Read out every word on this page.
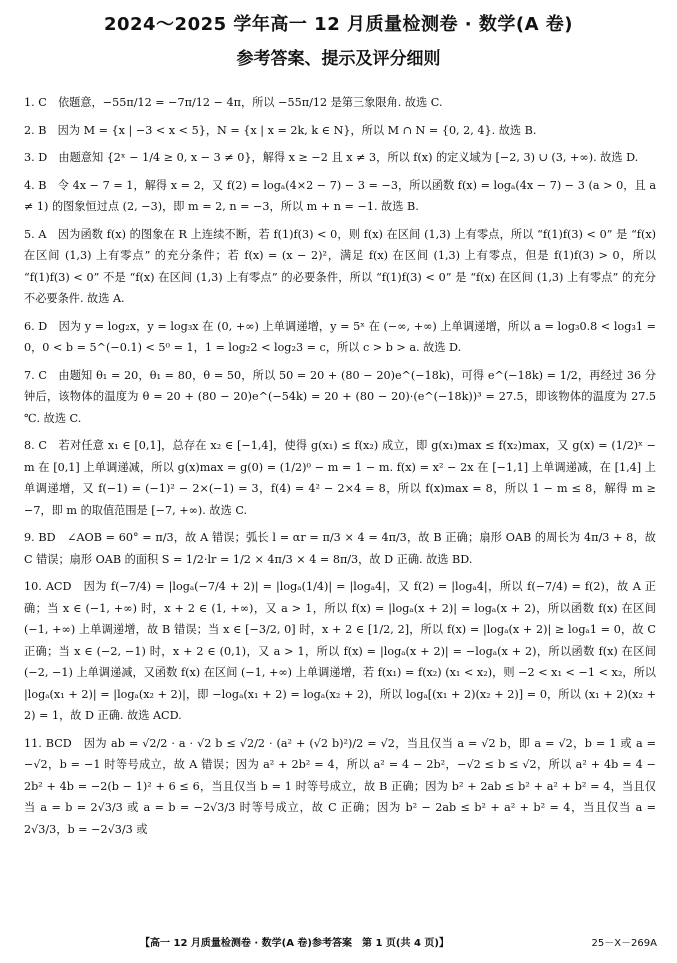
2024～2025 学年高一 12 月质量检测卷 · 数学(A 卷)
参考答案、提示及评分细则
1. C　依题意，−55π/12 = −7π/12 − 4π，所以 −55π/12 是第三象限角. 故选 C.
2. B　因为 M = {x | −3 < x < 5}，N = {x | x = 2k, k ∈ N}，所以 M ∩ N = {0, 2, 4}. 故选 B.
3. D　由题意知 {2ˣ − 1/4 ≥ 0, x − 3 ≠ 0}，解得 x ≥ −2 且 x ≠ 3，所以 f(x) 的定义域为 [−2, 3) ∪ (3, +∞). 故选 D.
4. B　令 4x − 7 = 1，解得 x = 2，又 f(2) = logₐ(4×2 − 7) − 3 = −3，所以函数 f(x) = logₐ(4x − 7) − 3 (a > 0，且 a ≠ 1) 的图象恒过点 (2, −3)，即 m = 2, n = −3，所以 m + n = −1. 故选 B.
5. A　因为函数 f(x) 的图象在 R 上连续不断，若 f(1)f(3) < 0，则 f(x) 在区间 (1,3) 上有零点，所以 “f(1)f(3) < 0” 是 “f(x) 在区间 (1,3) 上有零点” 的充分条件；若 f(x) = (x − 2)²，满足 f(x) 在区间 (1,3) 上有零点，但是 f(1)f(3) > 0，所以 “f(1)f(3) < 0” 不是 “f(x) 在区间 (1,3) 上有零点” 的必要条件，所以 “f(1)f(3) < 0” 是 “f(x) 在区间 (1,3) 上有零点” 的充分不必要条件. 故选 A.
6. D　因为 y = log₂x，y = log₃x 在 (0, +∞) 上单调递增，y = 5ˣ 在 (−∞, +∞) 上单调递增，所以 a = log₃0.8 < log₃1 = 0，0 < b = 5^(−0.1) < 5⁰ = 1，1 = log₂2 < log₂3 = c，所以 c > b > a. 故选 D.
7. C　由题知 θ₁ = 20，θ₁ = 80，θ = 50，所以 50 = 20 + (80 − 20)e^(−18k)，可得 e^(−18k) = 1/2，再经过 36 分钟后，该物体的温度为 θ = 20 + (80 − 20)e^(−54k) = 20 + (80 − 20)·(e^(−18k))³ = 27.5，即该物体的温度为 27.5 ℃. 故选 C.
8. C　若对任意 x₁ ∈ [0,1]，总存在 x₂ ∈ [−1,4]，使得 g(x₁) ≤ f(x₂) 成立，即 g(x₁)max ≤ f(x₂)max，又 g(x) = (1/2)ˣ − m 在 [0,1] 上单调递减，所以 g(x)max = g(0) = (1/2)⁰ − m = 1 − m. f(x) = x² − 2x 在 [−1,1] 上单调递减，在 [1,4] 上单调递增，又 f(−1) = (−1)² − 2×(−1) = 3，f(4) = 4² − 2×4 = 8，所以 f(x)max = 8，所以 1 − m ≤ 8，解得 m ≥ −7，即 m 的取值范围是 [−7, +∞). 故选 C.
9. BD　∠AOB = 60° = π/3，故 A 错误；弧长 l = αr = π/3 × 4 = 4π/3，故 B 正确；扇形 OAB 的周长为 4π/3 + 8，故 C 错误；扇形 OAB 的面积 S = 1/2·lr = 1/2 × 4π/3 × 4 = 8π/3，故 D 正确. 故选 BD.
10. ACD　因为 f(−7/4) = |logₐ(−7/4 + 2)| = |logₐ(1/4)| = |logₐ4|，又 f(2) = |logₐ4|，所以 f(−7/4) = f(2)，故 A 正确；当 x ∈ (−1, +∞) 时，x + 2 ∈ (1, +∞)，又 a > 1，所以 f(x) = |logₐ(x + 2)| = logₐ(x + 2)，所以函数 f(x) 在区间 (−1, +∞) 上单调递增，故 B 错误；当 x ∈ [−3/2, 0] 时，x + 2 ∈ [1/2, 2]，所以 f(x) = |logₐ(x + 2)| ≥ logₐ1 = 0，故 C 正确；当 x ∈ (−2, −1) 时，x + 2 ∈ (0,1)，又 a > 1，所以 f(x) = |logₐ(x + 2)| = −logₐ(x + 2)，所以函数 f(x) 在区间 (−2, −1) 上单调递减，又函数 f(x) 在区间 (−1, +∞) 上单调递增，若 f(x₁) = f(x₂) (x₁ < x₂)，则 −2 < x₁ < −1 < x₂，所以 |logₐ(x₁ + 2)| = |logₐ(x₂ + 2)|，即 −logₐ(x₁ + 2) = logₐ(x₂ + 2)，所以 logₐ[(x₁ + 2)(x₂ + 2)] = 0，所以 (x₁ + 2)(x₂ + 2) = 1，故 D 正确. 故选 ACD.
11. BCD　因为 ab = √2/2 · a · √2 b ≤ √2/2 · (a² + (√2 b)²)/2 = √2，当且仅当 a = √2 b，即 a = √2，b = 1 或 a = −√2，b = −1 时等号成立，故 A 错误；因为 a² + 2b² = 4，所以 a² = 4 − 2b²，−√2 ≤ b ≤ √2，所以 a² + 4b = 4 − 2b² + 4b = −2(b − 1)² + 6 ≤ 6，当且仅当 b = 1 时等号成立，故 B 正确；因为 b² + 2ab ≤ b² + a² + b² = 4，当且仅当 a = b = 2√3/3 或 a = b = −2√3/3 时等号成立，故 C 正确；因为 b² − 2ab ≤ b² + a² + b² = 4，当且仅当 a = 2√3/3，b = −2√3/3 或
【高一 12 月质量检测卷 · 数学(A 卷)参考答案　第 1 页(共 4 页)】	25－X－269A
